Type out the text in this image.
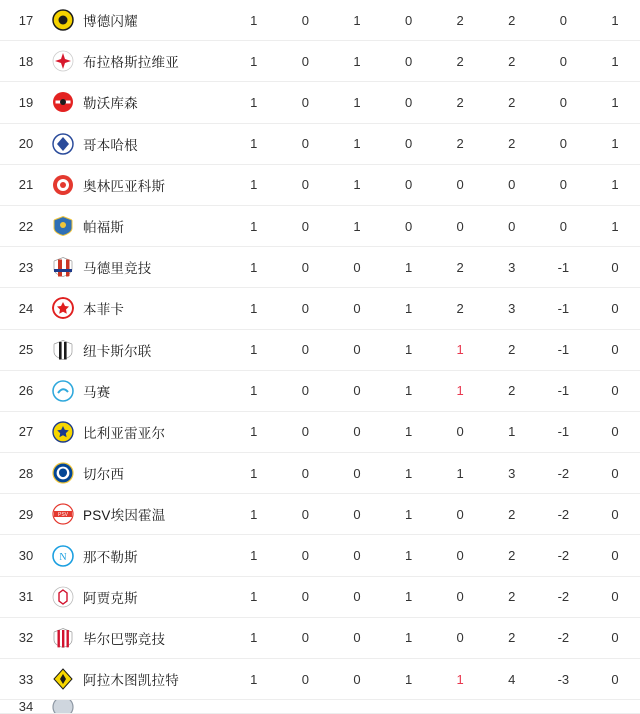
17	博德闪耀	1	0	1	0	2	2	0	1
18	布拉格斯拉维亚	1	0	1	0	2	2	0	1
19	勒沃库森	1	0	1	0	2	2	0	1
20	哥本哈根	1	0	1	0	2	2	0	1
21	奥林匹亚科斯	1	0	1	0	0	0	0	1
22	帕福斯	1	0	1	0	0	0	0	1
23	马德里竞技	1	0	0	1	2	3	-1	0
24	本菲卡	1	0	0	1	2	3	-1	0
25	纽卡斯尔联	1	0	0	1	1	2	-1	0
26	马赛	1	0	0	1	1	2	-1	0
27	比利亚雷亚尔	1	0	0	1	0	1	-1	0
28	切尔西	1	0	0	1	1	3	-2	0
29	PSV PSV埃因霍温	1	0	0	1	0	2	-2	0
30	N 那不勒斯	1	0	0	1	0	2	-2	0
31	阿贾克斯	1	0	0	1	0	2	-2	0
32	毕尔巴鄂竞技	1	0	0	1	0	2	-2	0
33	阿拉木图凯拉特	1	0	0	1	1	4	-3	0
34
